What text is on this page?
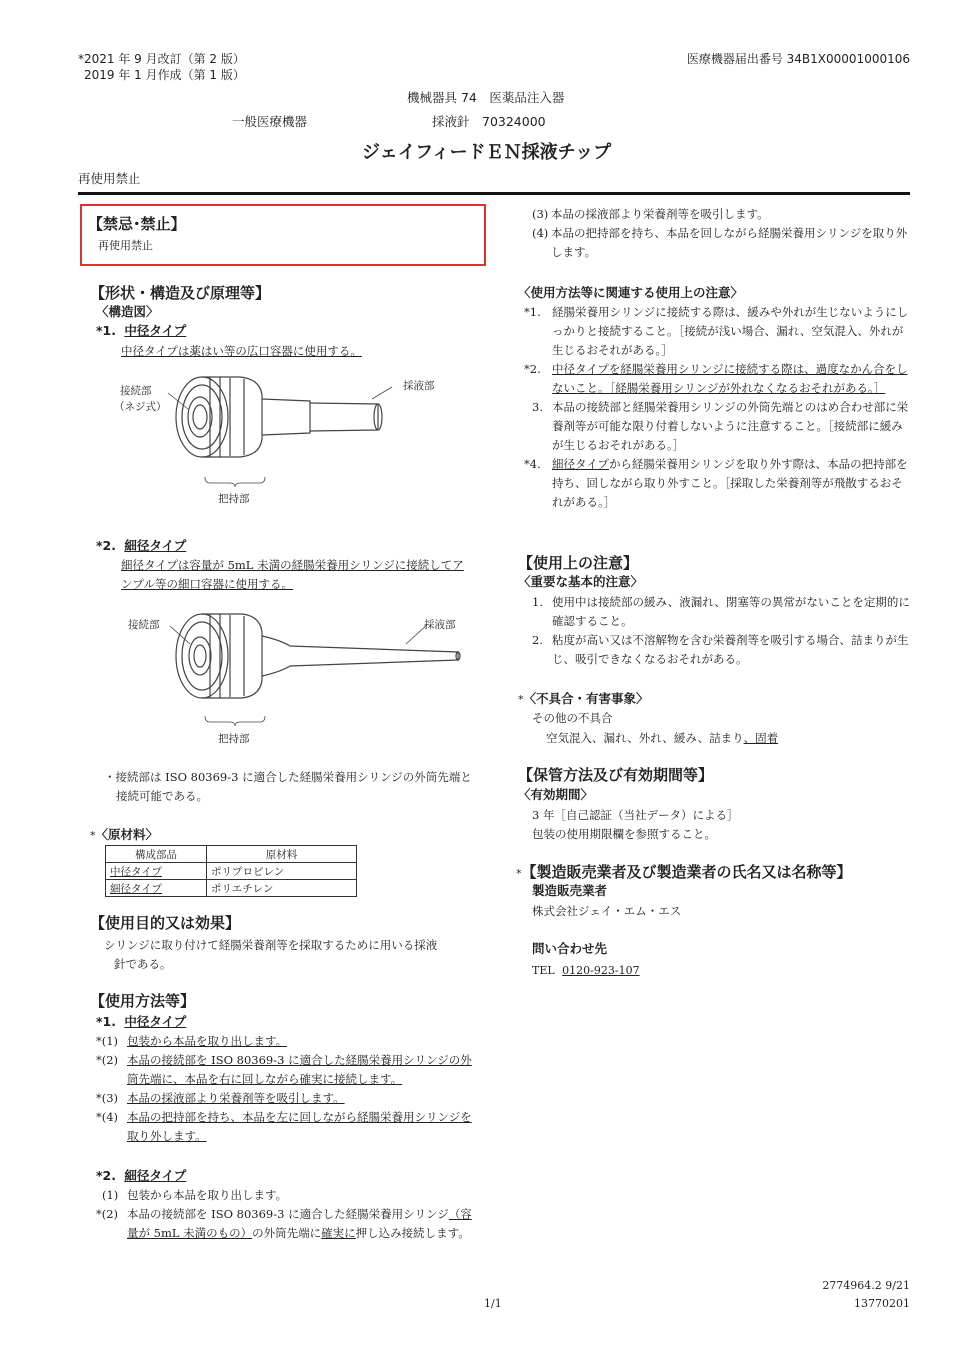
*2021 年 9 月改訂（第 2 版）
2019 年 1 月作成（第 1 版）
医療機器届出番号 34B1X00001000106
機械器具 74　医薬品注入器
一般医療機器	採液針　70324000
ジェイフィードＥＮ採液チップ
再使用禁止
【禁忌･禁止】
再使用禁止
【形状・構造及び原理等】
〈構造図〉
*1. 中径タイプ
中径タイプは薬はい等の広口容器に使用する。
接続部
（ネジ式）
採液部
把持部
*2. 細径タイプ
細径タイプは容量が 5mL 未満の経腸栄養用シリンジに接続してア
ンプル等の細口容器に使用する。
接続部	採液部
把持部
・接続部は ISO 80369-3 に適合した経腸栄養用シリンジの外筒先端と
接続可能である。
*〈原材料〉
構成部品	原材料
中径タイプ	ポリプロピレン
細径タイプ	ポリエチレン
【使用目的又は効果】
シリンジに取り付けて経腸栄養剤等を採取するために用いる採液
針である。
【使用方法等】
*1. 中径タイプ
*(1) 包装から本品を取り出します。
*(2) 本品の接続部を ISO 80369-3 に適合した経腸栄養用シリンジの外筒先端に、本品を右に回しながら確実に接続します。
*(3) 本品の採液部より栄養剤等を吸引します。
*(4) 本品の把持部を持ち、本品を左に回しながら経腸栄養用シリンジを取り外します。
*2. 細径タイプ
(1) 包装から本品を取り出します。
*(2) 本品の接続部を ISO 80369-3 に適合した経腸栄養用シリンジ（容量が 5mL 未満のもの）の外筒先端に確実に押し込み接続します。
(3) 本品の採液部より栄養剤等を吸引します。
(4) 本品の把持部を持ち、本品を回しながら経腸栄養用シリンジを取り外します。
〈使用方法等に関連する使用上の注意〉
*1. 経腸栄養用シリンジに接続する際は、緩みや外れが生じないようにしっかりと接続すること。［接続が浅い場合、漏れ、空気混入、外れが生じるおそれがある。］
*2. 中径タイプを経腸栄養用シリンジに接続する際は、過度なかん合をしないこと。［経腸栄養用シリンジが外れなくなるおそれがある。］
3. 本品の接続部と経腸栄養用シリンジの外筒先端とのはめ合わせ部に栄養剤等が可能な限り付着しないように注意すること。［接続部に緩みが生じるおそれがある。］
*4. 細径タイプから経腸栄養用シリンジを取り外す際は、本品の把持部を持ち、回しながら取り外すこと。［採取した栄養剤等が飛散するおそれがある。］
【使用上の注意】
〈重要な基本的注意〉
1. 使用中は接続部の緩み、液漏れ、閉塞等の異常がないことを定期的に確認すること。
2. 粘度が高い又は不溶解物を含む栄養剤等を吸引する場合、詰まりが生じ、吸引できなくなるおそれがある。
*〈不具合・有害事象〉
その他の不具合
空気混入、漏れ、外れ、緩み、詰まり、固着
【保管方法及び有効期間等】
〈有効期間〉
3 年［自己認証（当社データ）による］
包装の使用期限欄を参照すること。
*【製造販売業者及び製造業者の氏名又は名称等】
製造販売業者
株式会社ジェイ・エム・エス
問い合わせ先
TEL 0120-923-107
2774964.2 9/21
1/1	13770201
